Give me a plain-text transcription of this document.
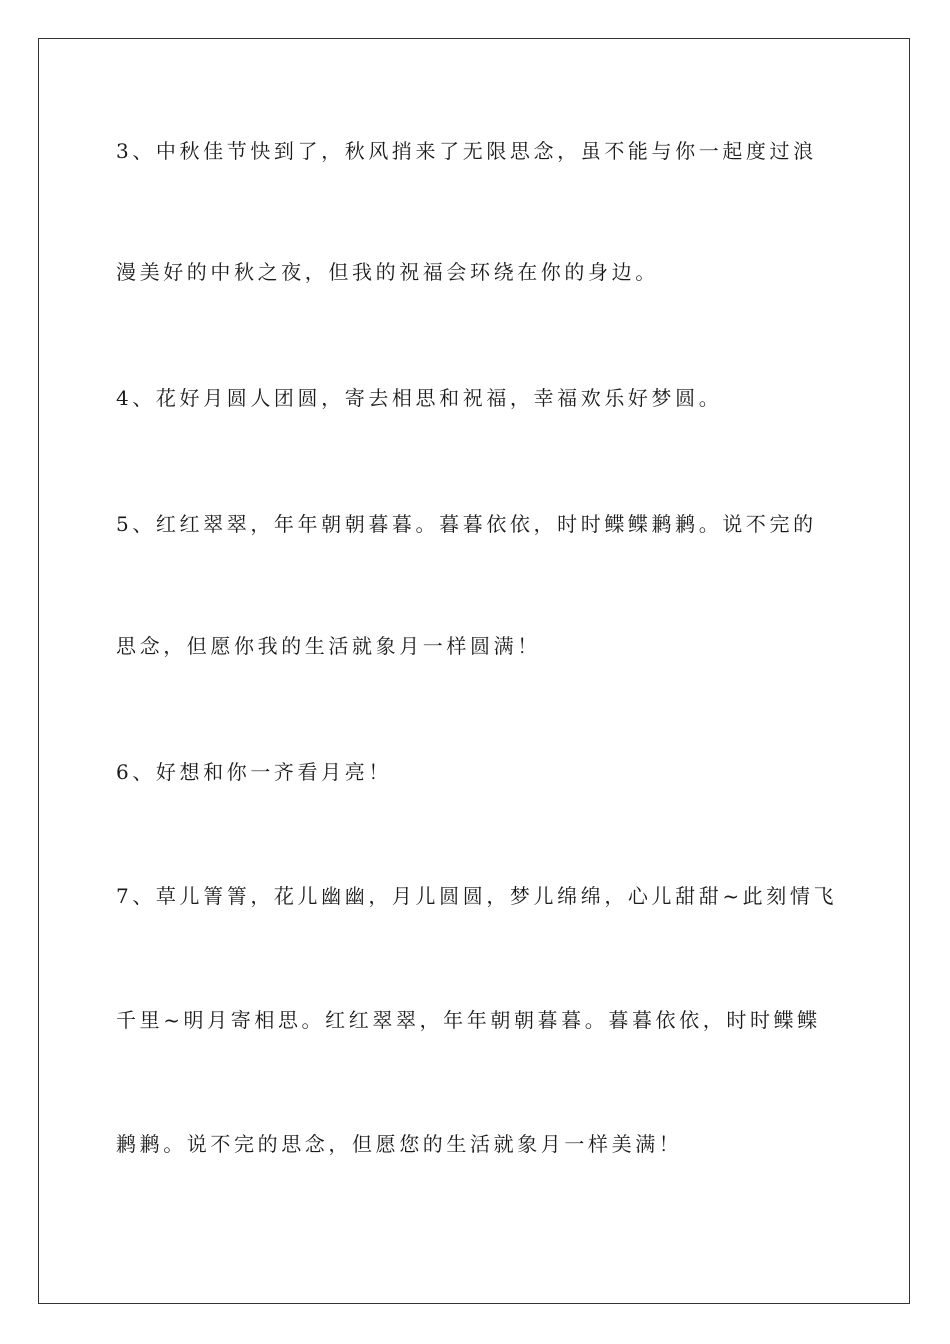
3、中秋佳节快到了，秋风捎来了无限思念，虽不能与你一起度过浪
漫美好的中秋之夜，但我的祝福会环绕在你的身边。
4、花好月圆人团圆，寄去相思和祝福，幸福欢乐好梦圆。
5、红红翠翠，年年朝朝暮暮。暮暮依依，时时鲽鲽鹣鹣。说不完的
思念，但愿你我的生活就象月一样圆满！
6、好想和你一齐看月亮！
7、草儿箐箐，花儿幽幽，月儿圆圆，梦儿绵绵，心儿甜甜~此刻情飞
千里~明月寄相思。红红翠翠，年年朝朝暮暮。暮暮依依，时时鲽鲽
鹣鹣。说不完的思念，但愿您的生活就象月一样美满！
